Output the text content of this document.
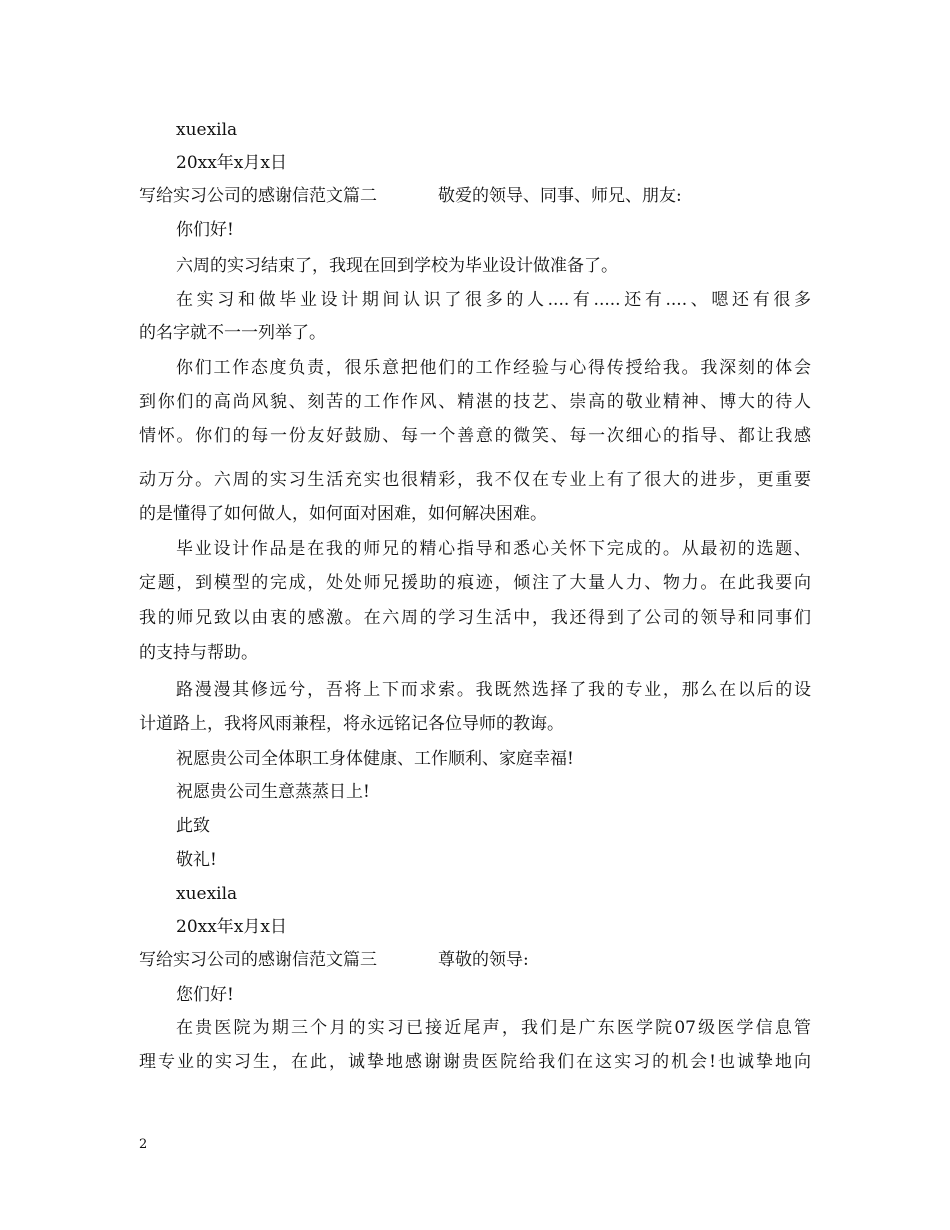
xuexila
20xx年x月x日
写给实习公司的感谢信范文篇二	敬爱的领导、同事、师兄、朋友:
你们好!
六周的实习结束了，我现在回到学校为毕业设计做准备了。
在实习和做毕业设计期间认识了很多的人....有.....还有....、嗯还有很多
的名字就不一一列举了。
你们工作态度负责，很乐意把他们的工作经验与心得传授给我。我深刻的体会
到你们的高尚风貌、刻苦的工作作风、精湛的技艺、崇高的敬业精神、博大的待人
情怀。你们的每一份友好鼓励、每一个善意的微笑、每一次细心的指导、都让我感
动万分。六周的实习生活充实也很精彩，我不仅在专业上有了很大的进步，更重要
的是懂得了如何做人，如何面对困难，如何解决困难。
毕业设计作品是在我的师兄的精心指导和悉心关怀下完成的。从最初的选题、
定题，到模型的完成，处处师兄援助的痕迹，倾注了大量人力、物力。在此我要向
我的师兄致以由衷的感激。在六周的学习生活中，我还得到了公司的领导和同事们
的支持与帮助。
路漫漫其修远兮，吾将上下而求索。我既然选择了我的专业，那么在以后的设
计道路上，我将风雨兼程，将永远铭记各位导师的教诲。
祝愿贵公司全体职工身体健康、工作顺利、家庭幸福!
祝愿贵公司生意蒸蒸日上!
此致
敬礼!
xuexila
20xx年x月x日
写给实习公司的感谢信范文篇三	尊敬的领导:
您们好!
在贵医院为期三个月的实习已接近尾声，我们是广东医学院07级医学信息管
理专业的实习生，在此，诚挚地感谢谢贵医院给我们在这实习的机会!也诚挚地向
2
